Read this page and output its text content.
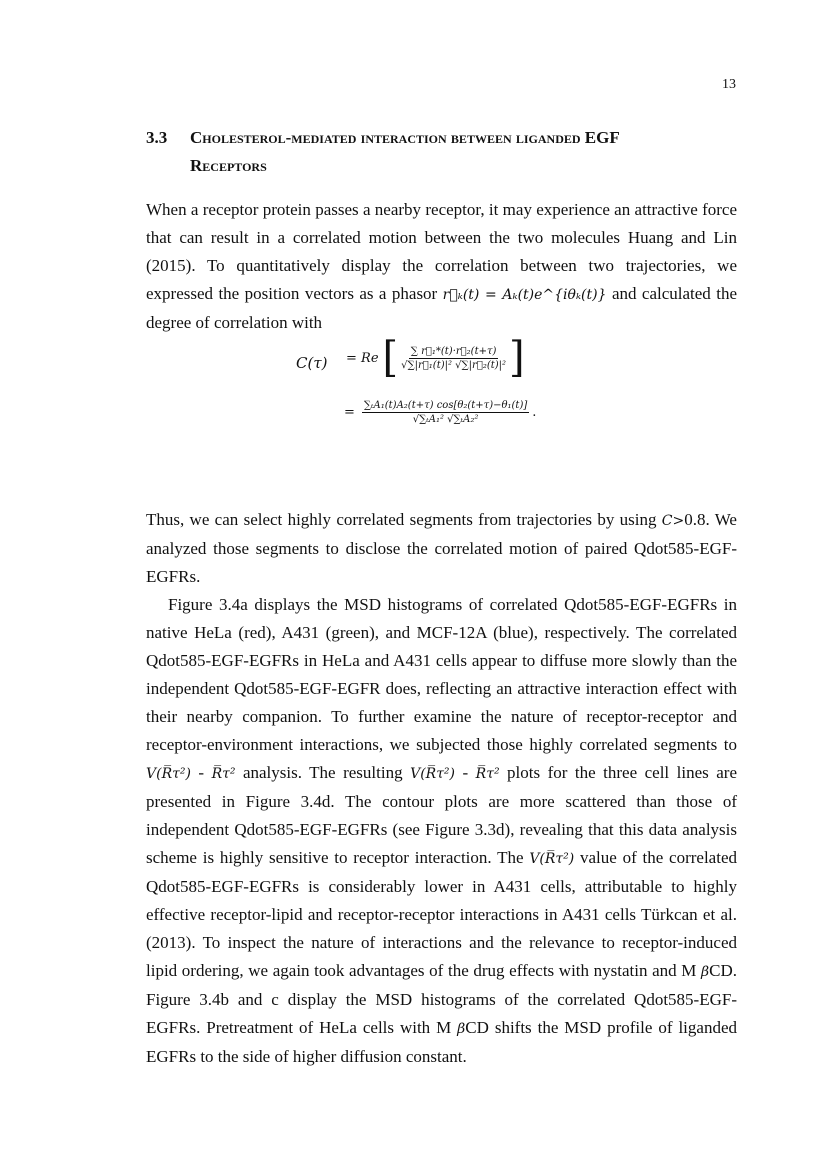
13
3.3 Cholesterol-mediated interaction between liganded EGF
Receptors

When a receptor protein passes a nearby receptor, it may experience an attractive force that can result in a correlated motion between the two molecules Huang and Lin (2015). To quantitatively display the correlation between two trajectories, we expressed the position vectors as a phasor r⃗ₖ(t) = Aₖ(t)e^{iθₖ(t)} and calculated the degree of correlation with

C(τ) = Re [ $\frac{\text{∑ r⃗₁*(t)·r⃗₂(t+τ)}}{\text{√∑|r⃗₁(t)|² √∑|r⃗₂(t)|²}}$ ]
= $\frac{\text{∑ₜA₁(t)A₂(t+τ) cos[θ₂(t+τ)−θ₁(t)]}}{\text{√∑ₜA₁² √∑ₜA₂²}}$ .

Thus, we can select highly correlated segments from trajectories by using C>0.8. We analyzed those segments to disclose the correlated motion of paired Qdot585-EGF-EGFRs.

Figure 3.4a displays the MSD histograms of correlated Qdot585-EGF-EGFRs in native HeLa (red), A431 (green), and MCF-12A (blue), respectively. The correlated Qdot585-EGF-EGFRs in HeLa and A431 cells appear to diffuse more slowly than the independent Qdot585-EGF-EGFR does, reflecting an attractive interaction effect with their nearby companion. To further examine the nature of receptor-receptor and receptor-environment interactions, we subjected those highly correlated segments to V(R̅τ²) - R̅τ² analysis. The resulting V(R̅τ²) - R̅τ² plots for the three cell lines are presented in Figure 3.4d. The contour plots are more scattered than those of independent Qdot585-EGF-EGFRs (see Figure 3.3d), revealing that this data analysis scheme is highly sensitive to receptor interaction. The V(R̅τ²) value of the correlated Qdot585-EGF-EGFRs is considerably lower in A431 cells, attributable to highly effective receptor-lipid and receptor-receptor interactions in A431 cells Türkcan et al. (2013). To inspect the nature of interactions and the relevance to receptor-induced lipid ordering, we again took advantages of the drug effects with nystatin and M βCD. Figure 3.4b and c display the MSD histograms of the correlated Qdot585-EGF-EGFRs. Pretreatment of HeLa cells with M βCD shifts the MSD profile of liganded EGFRs to the side of higher diffusion constant.
